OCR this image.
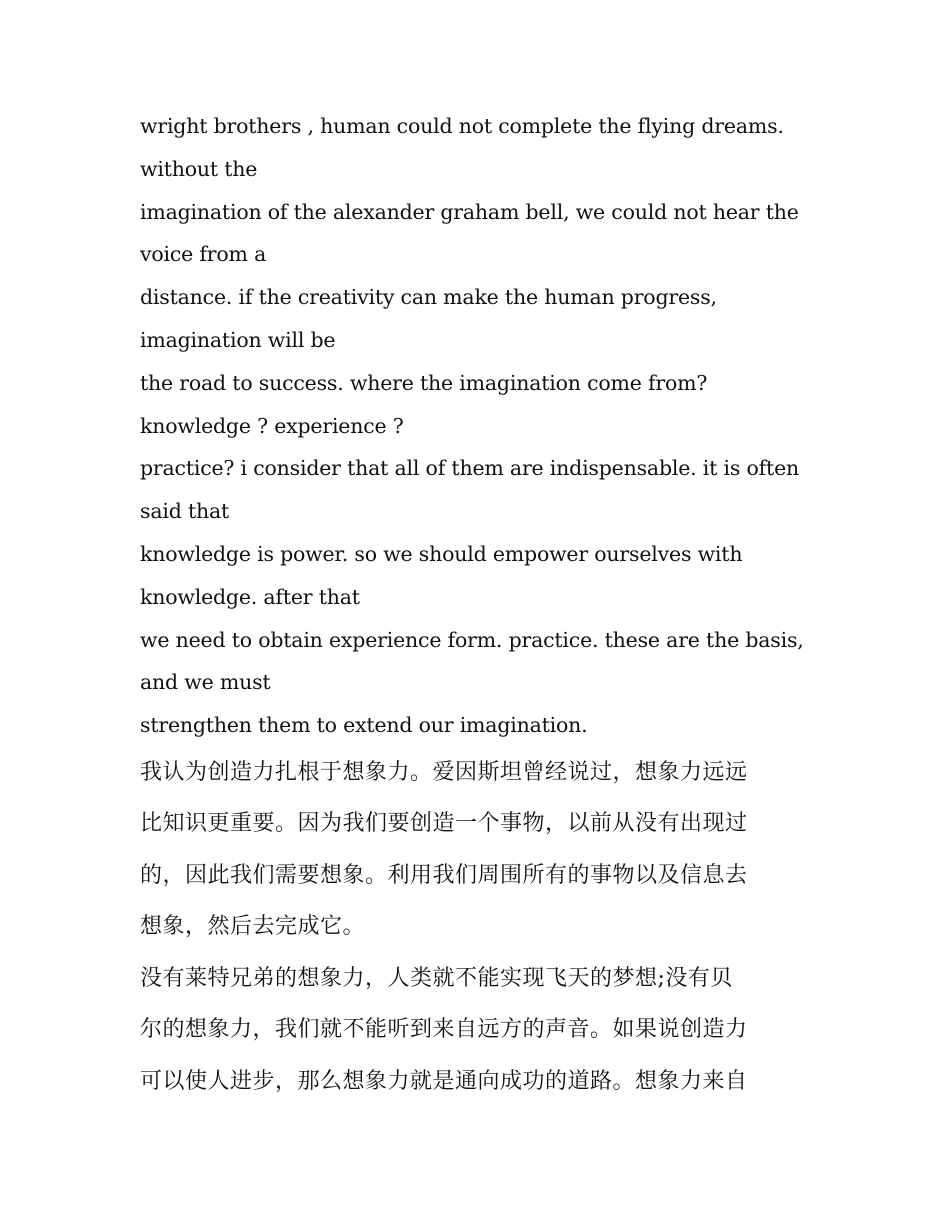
wright brothers , human could not complete the flying dreams.
without the
imagination of the alexander graham bell, we could not hear the
voice from a
distance. if the creativity can make the human progress,
imagination will be
the road to success. where the imagination come from?
knowledge ? experience ?
practice? i consider that all of them are indispensable. it is often
said that
knowledge is power. so we should empower ourselves with
knowledge. after that
we need to obtain experience form. practice. these are the basis,
and we must
strengthen them to extend our imagination.
我认为创造力扎根于想象力。爱因斯坦曾经说过，想象力远远
比知识更重要。因为我们要创造一个事物，以前从没有出现过
的，因此我们需要想象。利用我们周围所有的事物以及信息去
想象，然后去完成它。
没有莱特兄弟的想象力，人类就不能实现飞天的梦想;没有贝
尔的想象力，我们就不能听到来自远方的声音。如果说创造力
可以使人进步，那么想象力就是通向成功的道路。想象力来自
